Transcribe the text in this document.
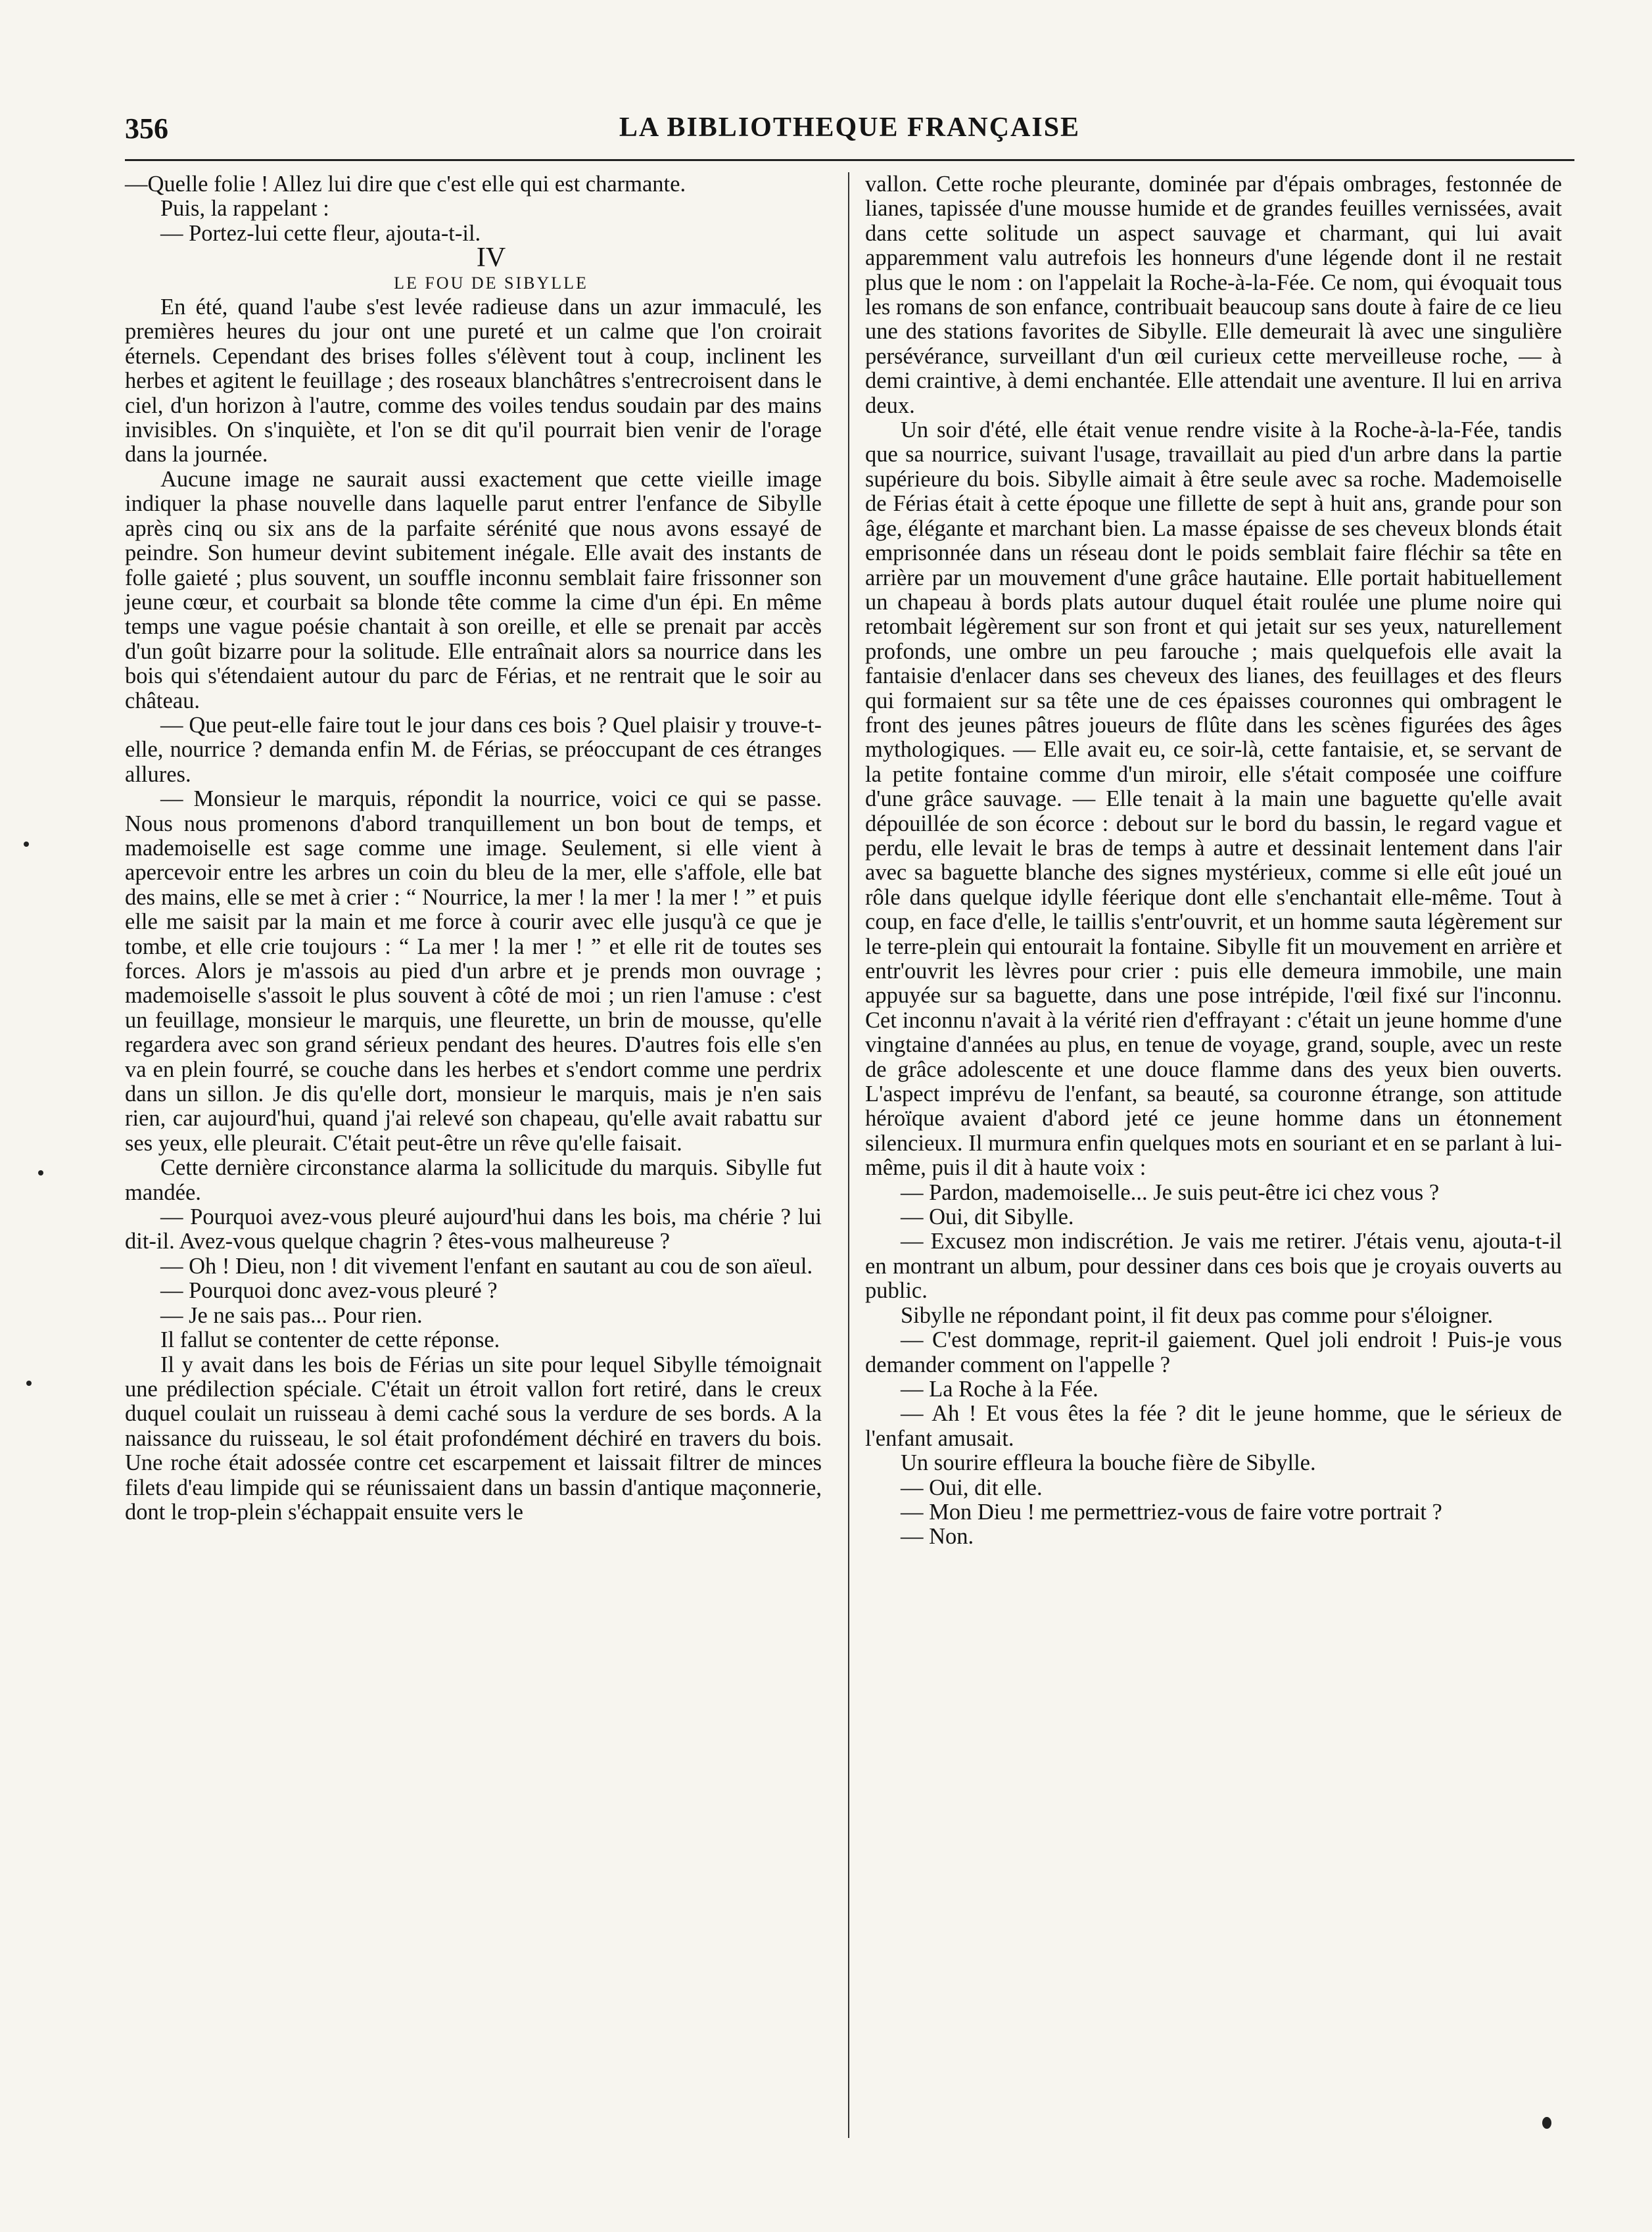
356	LA BIBLIOTHEQUE FRANÇAISE

—Quelle folie ! Allez lui dire que c'est elle qui est charmante.

Puis, la rappelant :

— Portez-lui cette fleur, ajouta-t-il.

IV

LE FOU DE SIBYLLE

En été, quand l'aube s'est levée radieuse dans un azur immaculé, les premières heures du jour ont une pureté et un calme que l'on croirait éternels. Cependant des brises folles s'élèvent tout à coup, inclinent les herbes et agitent le feuillage ; des roseaux blanchâtres s'entrecroisent dans le ciel, d'un horizon à l'autre, comme des voiles tendus soudain par des mains invisibles. On s'inquiète, et l'on se dit qu'il pourrait bien venir de l'orage dans la journée.

Aucune image ne saurait aussi exactement que cette vieille image indiquer la phase nouvelle dans laquelle parut entrer l'enfance de Sibylle après cinq ou six ans de la parfaite sérénité que nous avons essayé de peindre. Son humeur devint subitement inégale. Elle avait des instants de folle gaieté ; plus souvent, un souffle inconnu semblait faire frissonner son jeune cœur, et courbait sa blonde tête comme la cime d'un épi. En même temps une vague poésie chantait à son oreille, et elle se prenait par accès d'un goût bizarre pour la solitude. Elle entraînait alors sa nourrice dans les bois qui s'étendaient autour du parc de Férias, et ne rentrait que le soir au château.

— Que peut-elle faire tout le jour dans ces bois ? Quel plaisir y trouve-t-elle, nourrice ? demanda enfin M. de Férias, se préoccupant de ces étranges allures.

— Monsieur le marquis, répondit la nourrice, voici ce qui se passe. Nous nous promenons d'abord tranquillement un bon bout de temps, et mademoiselle est sage comme une image. Seulement, si elle vient à apercevoir entre les arbres un coin du bleu de la mer, elle s'affole, elle bat des mains, elle se met à crier : “ Nourrice, la mer ! la mer ! la mer ! ” et puis elle me saisit par la main et me force à courir avec elle jusqu'à ce que je tombe, et elle crie toujours : “ La mer ! la mer ! ” et elle rit de toutes ses forces. Alors je m'assois au pied d'un arbre et je prends mon ouvrage ; mademoiselle s'assoit le plus souvent à côté de moi ; un rien l'amuse : c'est un feuillage, monsieur le marquis, une fleurette, un brin de mousse, qu'elle regardera avec son grand sérieux pendant des heures. D'autres fois elle s'en va en plein fourré, se couche dans les herbes et s'endort comme une perdrix dans un sillon. Je dis qu'elle dort, monsieur le marquis, mais je n'en sais rien, car aujourd'hui, quand j'ai relevé son chapeau, qu'elle avait rabattu sur ses yeux, elle pleurait. C'était peut-être un rêve qu'elle faisait.

Cette dernière circonstance alarma la sollicitude du marquis. Sibylle fut mandée.

— Pourquoi avez-vous pleuré aujourd'hui dans les bois, ma chérie ? lui dit-il. Avez-vous quelque chagrin ? êtes-vous malheureuse ?

— Oh ! Dieu, non ! dit vivement l'enfant en sautant au cou de son aïeul.

— Pourquoi donc avez-vous pleuré ?

— Je ne sais pas... Pour rien.

Il fallut se contenter de cette réponse.

Il y avait dans les bois de Férias un site pour lequel Sibylle témoignait une prédilection spéciale. C'était un étroit vallon fort retiré, dans le creux duquel coulait un ruisseau à demi caché sous la verdure de ses bords. A la naissance du ruisseau, le sol était profondément déchiré en travers du bois. Une roche était adossée contre cet escarpement et laissait filtrer de minces filets d'eau limpide qui se réunissaient dans un bassin d'antique maçonnerie, dont le trop-plein s'échappait ensuite vers le

vallon. Cette roche pleurante, dominée par d'épais ombrages, festonnée de lianes, tapissée d'une mousse humide et de grandes feuilles vernissées, avait dans cette solitude un aspect sauvage et charmant, qui lui avait apparemment valu autrefois les honneurs d'une légende dont il ne restait plus que le nom : on l'appelait la Roche-à-la-Fée. Ce nom, qui évoquait tous les romans de son enfance, contribuait beaucoup sans doute à faire de ce lieu une des stations favorites de Sibylle. Elle demeurait là avec une singulière persévérance, surveillant d'un œil curieux cette merveilleuse roche, — à demi craintive, à demi enchantée. Elle attendait une aventure. Il lui en arriva deux.

Un soir d'été, elle était venue rendre visite à la Roche-à-la-Fée, tandis que sa nourrice, suivant l'usage, travaillait au pied d'un arbre dans la partie supérieure du bois. Sibylle aimait à être seule avec sa roche. Mademoiselle de Férias était à cette époque une fillette de sept à huit ans, grande pour son âge, élégante et marchant bien. La masse épaisse de ses cheveux blonds était emprisonnée dans un réseau dont le poids semblait faire fléchir sa tête en arrière par un mouvement d'une grâce hautaine. Elle portait habituellement un chapeau à bords plats autour duquel était roulée une plume noire qui retombait légèrement sur son front et qui jetait sur ses yeux, naturellement profonds, une ombre un peu farouche ; mais quelquefois elle avait la fantaisie d'enlacer dans ses cheveux des lianes, des feuillages et des fleurs qui formaient sur sa tête une de ces épaisses couronnes qui ombragent le front des jeunes pâtres joueurs de flûte dans les scènes figurées des âges mythologiques. — Elle avait eu, ce soir-là, cette fantaisie, et, se servant de la petite fontaine comme d'un miroir, elle s'était composée une coiffure d'une grâce sauvage. — Elle tenait à la main une baguette qu'elle avait dépouillée de son écorce : debout sur le bord du bassin, le regard vague et perdu, elle levait le bras de temps à autre et dessinait lentement dans l'air avec sa baguette blanche des signes mystérieux, comme si elle eût joué un rôle dans quelque idylle féerique dont elle s'enchantait elle-même. Tout à coup, en face d'elle, le taillis s'entr'ouvrit, et un homme sauta légèrement sur le terre-plein qui entourait la fontaine. Sibylle fit un mouvement en arrière et entr'ouvrit les lèvres pour crier : puis elle demeura immobile, une main appuyée sur sa baguette, dans une pose intrépide, l'œil fixé sur l'inconnu. Cet inconnu n'avait à la vérité rien d'effrayant : c'était un jeune homme d'une vingtaine d'années au plus, en tenue de voyage, grand, souple, avec un reste de grâce adolescente et une douce flamme dans des yeux bien ouverts. L'aspect imprévu de l'enfant, sa beauté, sa couronne étrange, son attitude héroïque avaient d'abord jeté ce jeune homme dans un étonnement silencieux. Il murmura enfin quelques mots en souriant et en se parlant à lui-même, puis il dit à haute voix :

— Pardon, mademoiselle... Je suis peut-être ici chez vous ?

— Oui, dit Sibylle.

— Excusez mon indiscrétion. Je vais me retirer. J'étais venu, ajouta-t-il en montrant un album, pour dessiner dans ces bois que je croyais ouverts au public.

Sibylle ne répondant point, il fit deux pas comme pour s'éloigner.

— C'est dommage, reprit-il gaiement. Quel joli endroit ! Puis-je vous demander comment on l'appelle ?

— La Roche à la Fée.

— Ah ! Et vous êtes la fée ? dit le jeune homme, que le sérieux de l'enfant amusait.

Un sourire effleura la bouche fière de Sibylle.

— Oui, dit elle.

— Mon Dieu ! me permettriez-vous de faire votre portrait ?

— Non.
